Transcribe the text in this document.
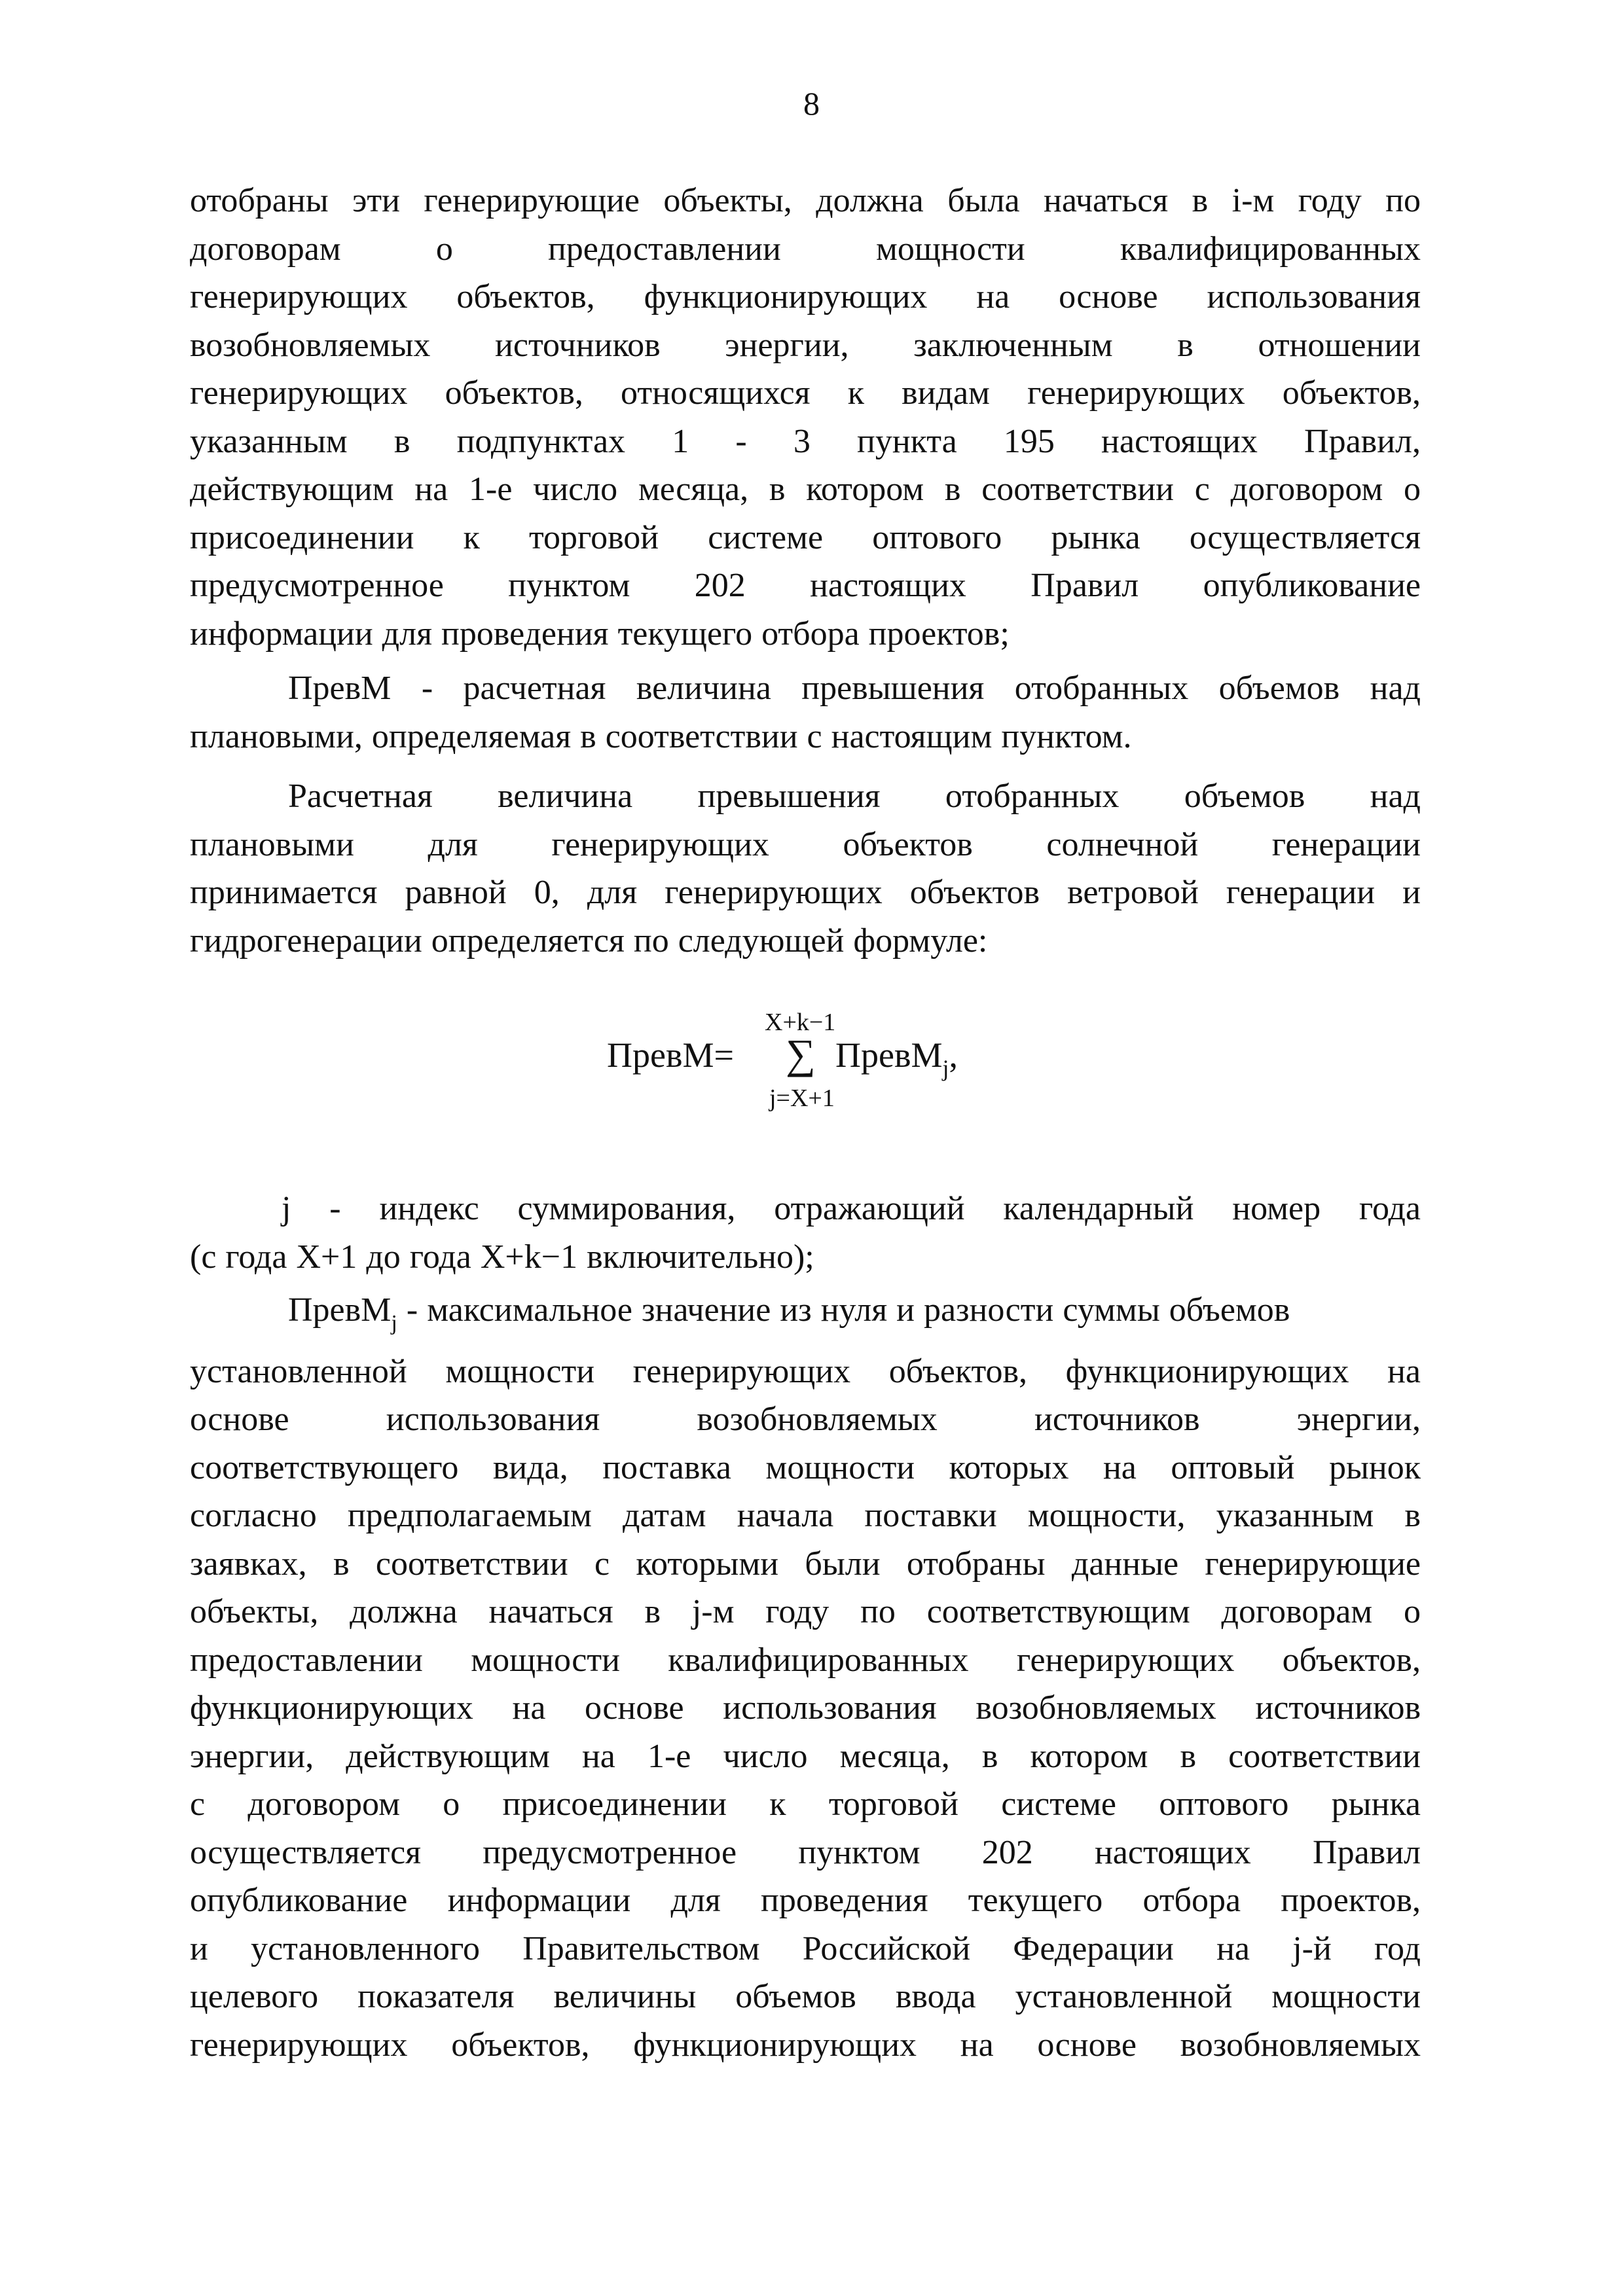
8

отобраны эти генерирующие объекты, должна была начаться в i-м году по

договорам о предоставлении мощности квалифицированных

генерирующих объектов, функционирующих на основе использования

возобновляемых источников энергии, заключенным в отношении

генерирующих объектов, относящихся к видам генерирующих объектов,

указанным в подпунктах 1 - 3 пункта 195 настоящих Правил,

действующим на 1-е число месяца, в котором в соответствии с договором о

присоединении к торговой системе оптового рынка осуществляется

предусмотренное пунктом 202 настоящих Правил опубликование

информации для проведения текущего отбора проектов;

ПревМ - расчетная величина превышения отобранных объемов над

плановыми, определяемая в соответствии с настоящим пунктом.

Расчетная величина превышения отобранных объемов над

плановыми для генерирующих объектов солнечной генерации

принимается равной 0, для генерирующих объектов ветровой генерации и

гидрогенерации определяется по следующей формуле:

ПревМ=
X+k−1
∑
j=X+1
ПревМ$_j$,

j - индекс суммирования, отражающий календарный номер года

(с года X+1 до года X+k−1 включительно);

ПревМ$_j$ - максимальное значение из нуля и разности суммы объемов

установленной мощности генерирующих объектов, функционирующих на

основе использования возобновляемых источников энергии,

соответствующего вида, поставка мощности которых на оптовый рынок

согласно предполагаемым датам начала поставки мощности, указанным в

заявках, в соответствии с которыми были отобраны данные генерирующие

объекты, должна начаться в j-м году по соответствующим договорам о

предоставлении мощности квалифицированных генерирующих объектов,

функционирующих на основе использования возобновляемых источников

энергии, действующим на 1-е число месяца, в котором в соответствии

с договором о присоединении к торговой системе оптового рынка

осуществляется предусмотренное пунктом 202 настоящих Правил

опубликование информации для проведения текущего отбора проектов,

и установленного Правительством Российской Федерации на j-й год

целевого показателя величины объемов ввода установленной мощности

генерирующих объектов, функционирующих на основе возобновляемых
